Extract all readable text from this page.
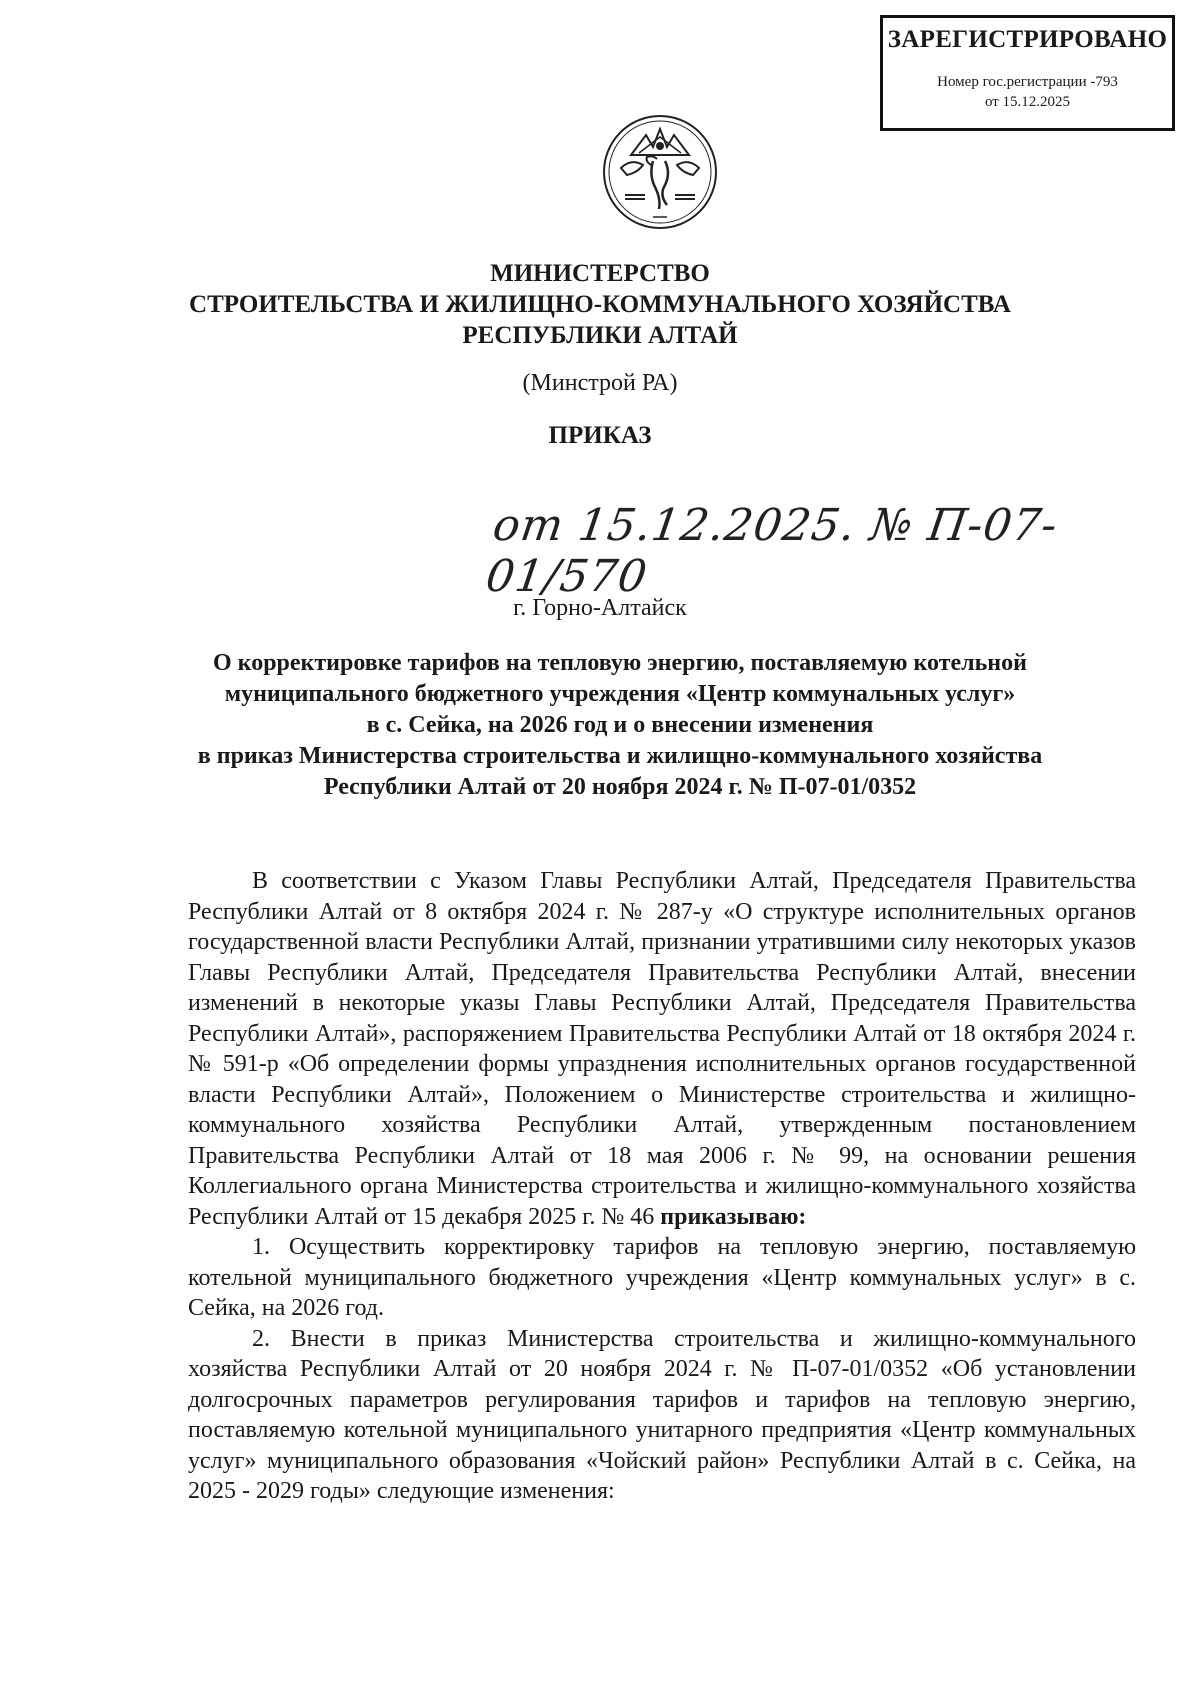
ЗАРЕГИСТРИРОВАНО
Номер гос.регистрации -793
от 15.12.2025
МИНИСТЕРСТВО
СТРОИТЕЛЬСТВА И ЖИЛИЩНО-КОММУНАЛЬНОГО ХОЗЯЙСТВА
РЕСПУБЛИКИ АЛТАЙ
(Минстрой РА)
ПРИКАЗ
от 15.12.2025. № П-07-01/570
г. Горно-Алтайск
О корректировке тарифов на тепловую энергию, поставляемую котельной
муниципального бюджетного учреждения «Центр коммунальных услуг»
в с. Сейка, на 2026 год и о внесении изменения
в приказ Министерства строительства и жилищно-коммунального хозяйства
Республики Алтай от 20 ноября 2024 г. № П-07-01/0352

В соответствии с Указом Главы Республики Алтай, Председателя Правительства Республики Алтай от 8 октября 2024 г. № 287-у «О структуре исполнительных органов государственной власти Республики Алтай, признании утратившими силу некоторых указов Главы Республики Алтай, Председателя Правительства Республики Алтай, внесении изменений в некоторые указы Главы Республики Алтай, Председателя Правительства Республики Алтай», распоряжением Правительства Республики Алтай от 18 октября 2024 г. № 591-р «Об определении формы упразднения исполнительных органов государственной власти Республики Алтай», Положением о Министерстве строительства и жилищно-коммунального хозяйства Республики Алтай, утвержденным постановлением Правительства Республики Алтай от 18 мая 2006 г. № 99, на основании решения Коллегиального органа Министерства строительства и жилищно-коммунального хозяйства Республики Алтай от 15 декабря 2025 г. № 46 приказываю:

1. Осуществить корректировку тарифов на тепловую энергию, поставляемую котельной муниципального бюджетного учреждения «Центр коммунальных услуг» в с. Сейка, на 2026 год.

2. Внести в приказ Министерства строительства и жилищно-коммунального хозяйства Республики Алтай от 20 ноября 2024 г. № П-07-01/0352 «Об установлении долгосрочных параметров регулирования тарифов и тарифов на тепловую энергию, поставляемую котельной муниципального унитарного предприятия «Центр коммунальных услуг» муниципального образования «Чойский район» Республики Алтай в с. Сейка, на 2025 - 2029 годы» следующие изменения:
